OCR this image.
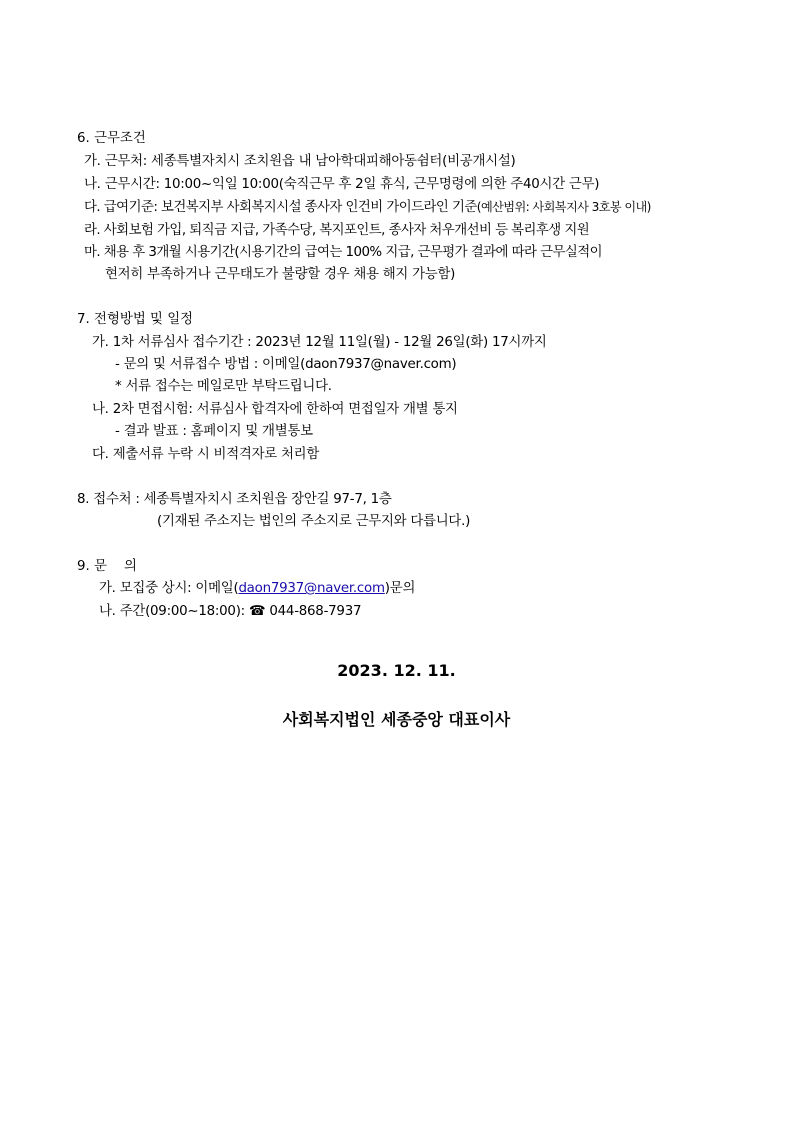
6. 근무조건
가. 근무처: 세종특별자치시 조치원읍 내 남아학대피해아동쉼터(비공개시설)
나. 근무시간: 10:00~익일 10:00(숙직근무 후 2일 휴식, 근무명령에 의한 주40시간 근무)
다. 급여기준: 보건복지부 사회복지시설 종사자 인건비 가이드라인 기준(예산범위: 사회복지사 3호봉 이내)
라. 사회보험 가입, 퇴직금 지급, 가족수당, 복지포인트, 종사자 처우개선비 등 복리후생 지원
마. 채용 후 3개월 시용기간(시용기간의 급여는 100% 지급, 근무평가 결과에 따라 근무실적이
현저히 부족하거나 근무태도가 불량할 경우 채용 해지 가능함)
7. 전형방법 및 일정
가. 1차 서류심사 접수기간 : 2023년 12월 11일(월) - 12월 26일(화) 17시까지
- 문의 및 서류접수 방법 : 이메일(daon7937@naver.com)
* 서류 접수는 메일로만 부탁드립니다.
나. 2차 면접시험: 서류심사 합격자에 한하여 면접일자 개별 통지
- 결과 발표 : 홈페이지 및 개별통보
다. 제출서류 누락 시 비적격자로 처리함
8. 접수처 : 세종특별자치시 조치원읍 장안길 97-7, 1층
(기재된 주소지는 법인의 주소지로 근무지와 다릅니다.)
9. 문    의
가. 모집중 상시: 이메일(daon7937@naver.com)문의
나. 주간(09:00~18:00): ☎ 044-868-7937
2023. 12. 11.
사회복지법인 세종중앙 대표이사
